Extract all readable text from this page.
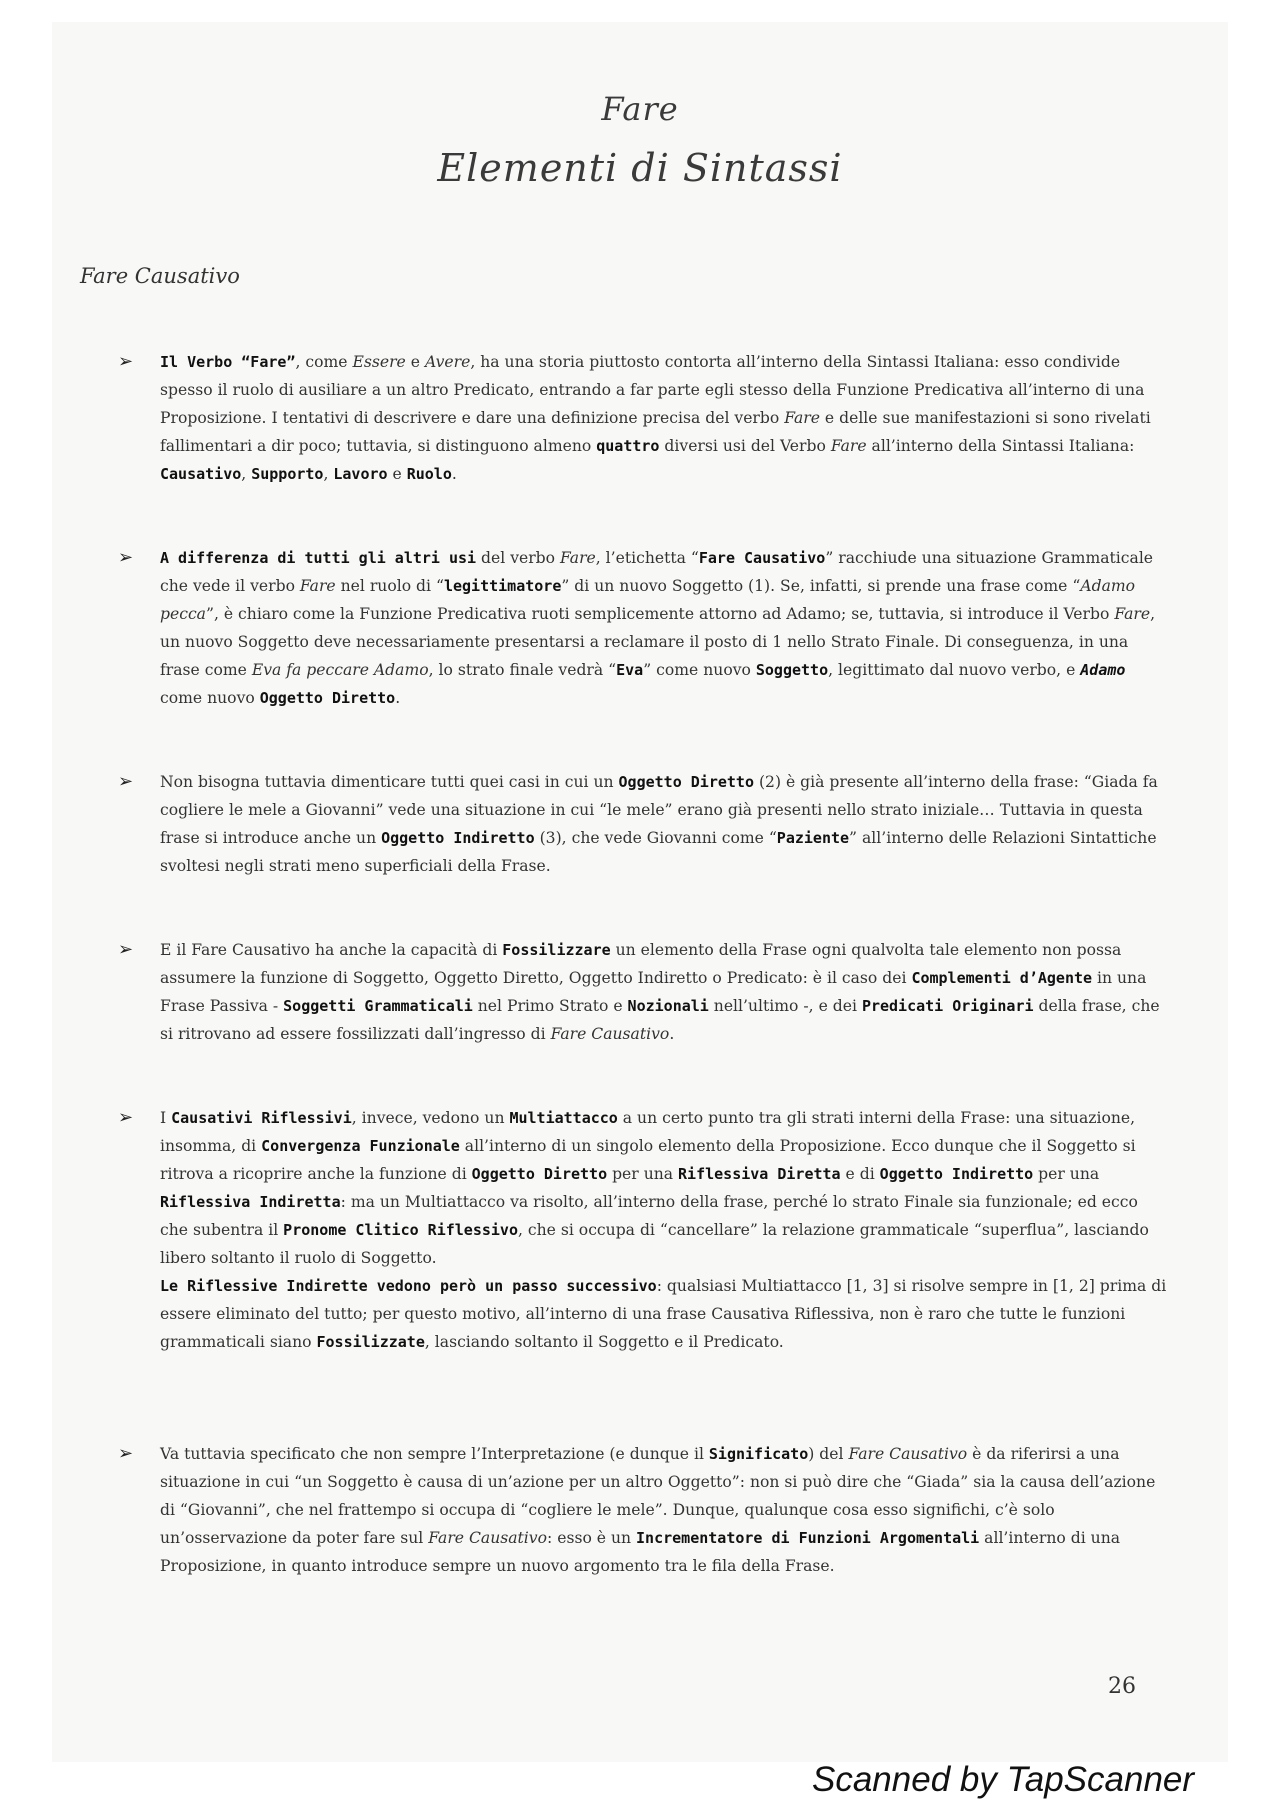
Fare
Elementi di Sintassi
Fare Causativo
➢ Il Verbo “Fare”, come Essere e Avere, ha una storia piuttosto contorta all’interno della Sintassi Italiana: esso condivide spesso il ruolo di ausiliare a un altro Predicato, entrando a far parte egli stesso della Funzione Predicativa all’interno di una Proposizione. I tentativi di descrivere e dare una definizione precisa del verbo Fare e delle sue manifestazioni si sono rivelati fallimentari a dir poco; tuttavia, si distinguono almeno quattro diversi usi del Verbo Fare all’interno della Sintassi Italiana: Causativo, Supporto, Lavoro e Ruolo.
➢ A differenza di tutti gli altri usi del verbo Fare, l’etichetta “Fare Causativo” racchiude una situazione Grammaticale che vede il verbo Fare nel ruolo di “legittimatore” di un nuovo Soggetto (1). Se, infatti, si prende una frase come “Adamo pecca”, è chiaro come la Funzione Predicativa ruoti semplicemente attorno ad Adamo; se, tuttavia, si introduce il Verbo Fare, un nuovo Soggetto deve necessariamente presentarsi a reclamare il posto di 1 nello Strato Finale. Di conseguenza, in una frase come Eva fa peccare Adamo, lo strato finale vedrà “Eva” come nuovo Soggetto, legittimato dal nuovo verbo, e Adamo come nuovo Oggetto Diretto.
➢ Non bisogna tuttavia dimenticare tutti quei casi in cui un Oggetto Diretto (2) è già presente all’interno della frase: “Giada fa cogliere le mele a Giovanni” vede una situazione in cui “le mele” erano già presenti nello strato iniziale… Tuttavia in questa frase si introduce anche un Oggetto Indiretto (3), che vede Giovanni come “Paziente” all’interno delle Relazioni Sintattiche svoltesi negli strati meno superficiali della Frase.
➢ E il Fare Causativo ha anche la capacità di Fossilizzare un elemento della Frase ogni qualvolta tale elemento non possa assumere la funzione di Soggetto, Oggetto Diretto, Oggetto Indiretto o Predicato: è il caso dei Complementi d’Agente in una Frase Passiva - Soggetti Grammaticali nel Primo Strato e Nozionali nell’ultimo -, e dei Predicati Originari della frase, che si ritrovano ad essere fossilizzati dall’ingresso di Fare Causativo.
➢ I Causativi Riflessivi, invece, vedono un Multiattacco a un certo punto tra gli strati interni della Frase: una situazione, insomma, di Convergenza Funzionale all’interno di un singolo elemento della Proposizione. Ecco dunque che il Soggetto si ritrova a ricoprire anche la funzione di Oggetto Diretto per una Riflessiva Diretta e di Oggetto Indiretto per una Riflessiva Indiretta: ma un Multiattacco va risolto, all’interno della frase, perché lo strato Finale sia funzionale; ed ecco che subentra il Pronome Clitico Riflessivo, che si occupa di “cancellare” la relazione grammaticale “superflua”, lasciando libero soltanto il ruolo di Soggetto.
Le Riflessive Indirette vedono però un passo successivo: qualsiasi Multiattacco [1, 3] si risolve sempre in [1, 2] prima di essere eliminato del tutto; per questo motivo, all’interno di una frase Causativa Riflessiva, non è raro che tutte le funzioni grammaticali siano Fossilizzate, lasciando soltanto il Soggetto e il Predicato.
➢ Va tuttavia specificato che non sempre l’Interpretazione (e dunque il Significato) del Fare Causativo è da riferirsi a una situazione in cui “un Soggetto è causa di un’azione per un altro Oggetto”: non si può dire che “Giada” sia la causa dell’azione di “Giovanni”, che nel frattempo si occupa di “cogliere le mele”. Dunque, qualunque cosa esso significhi, c’è solo un’osservazione da poter fare sul Fare Causativo: esso è un Incrementatore di Funzioni Argomentali all’interno di una Proposizione, in quanto introduce sempre un nuovo argomento tra le fila della Frase.
26
Scanned by TapScanner
